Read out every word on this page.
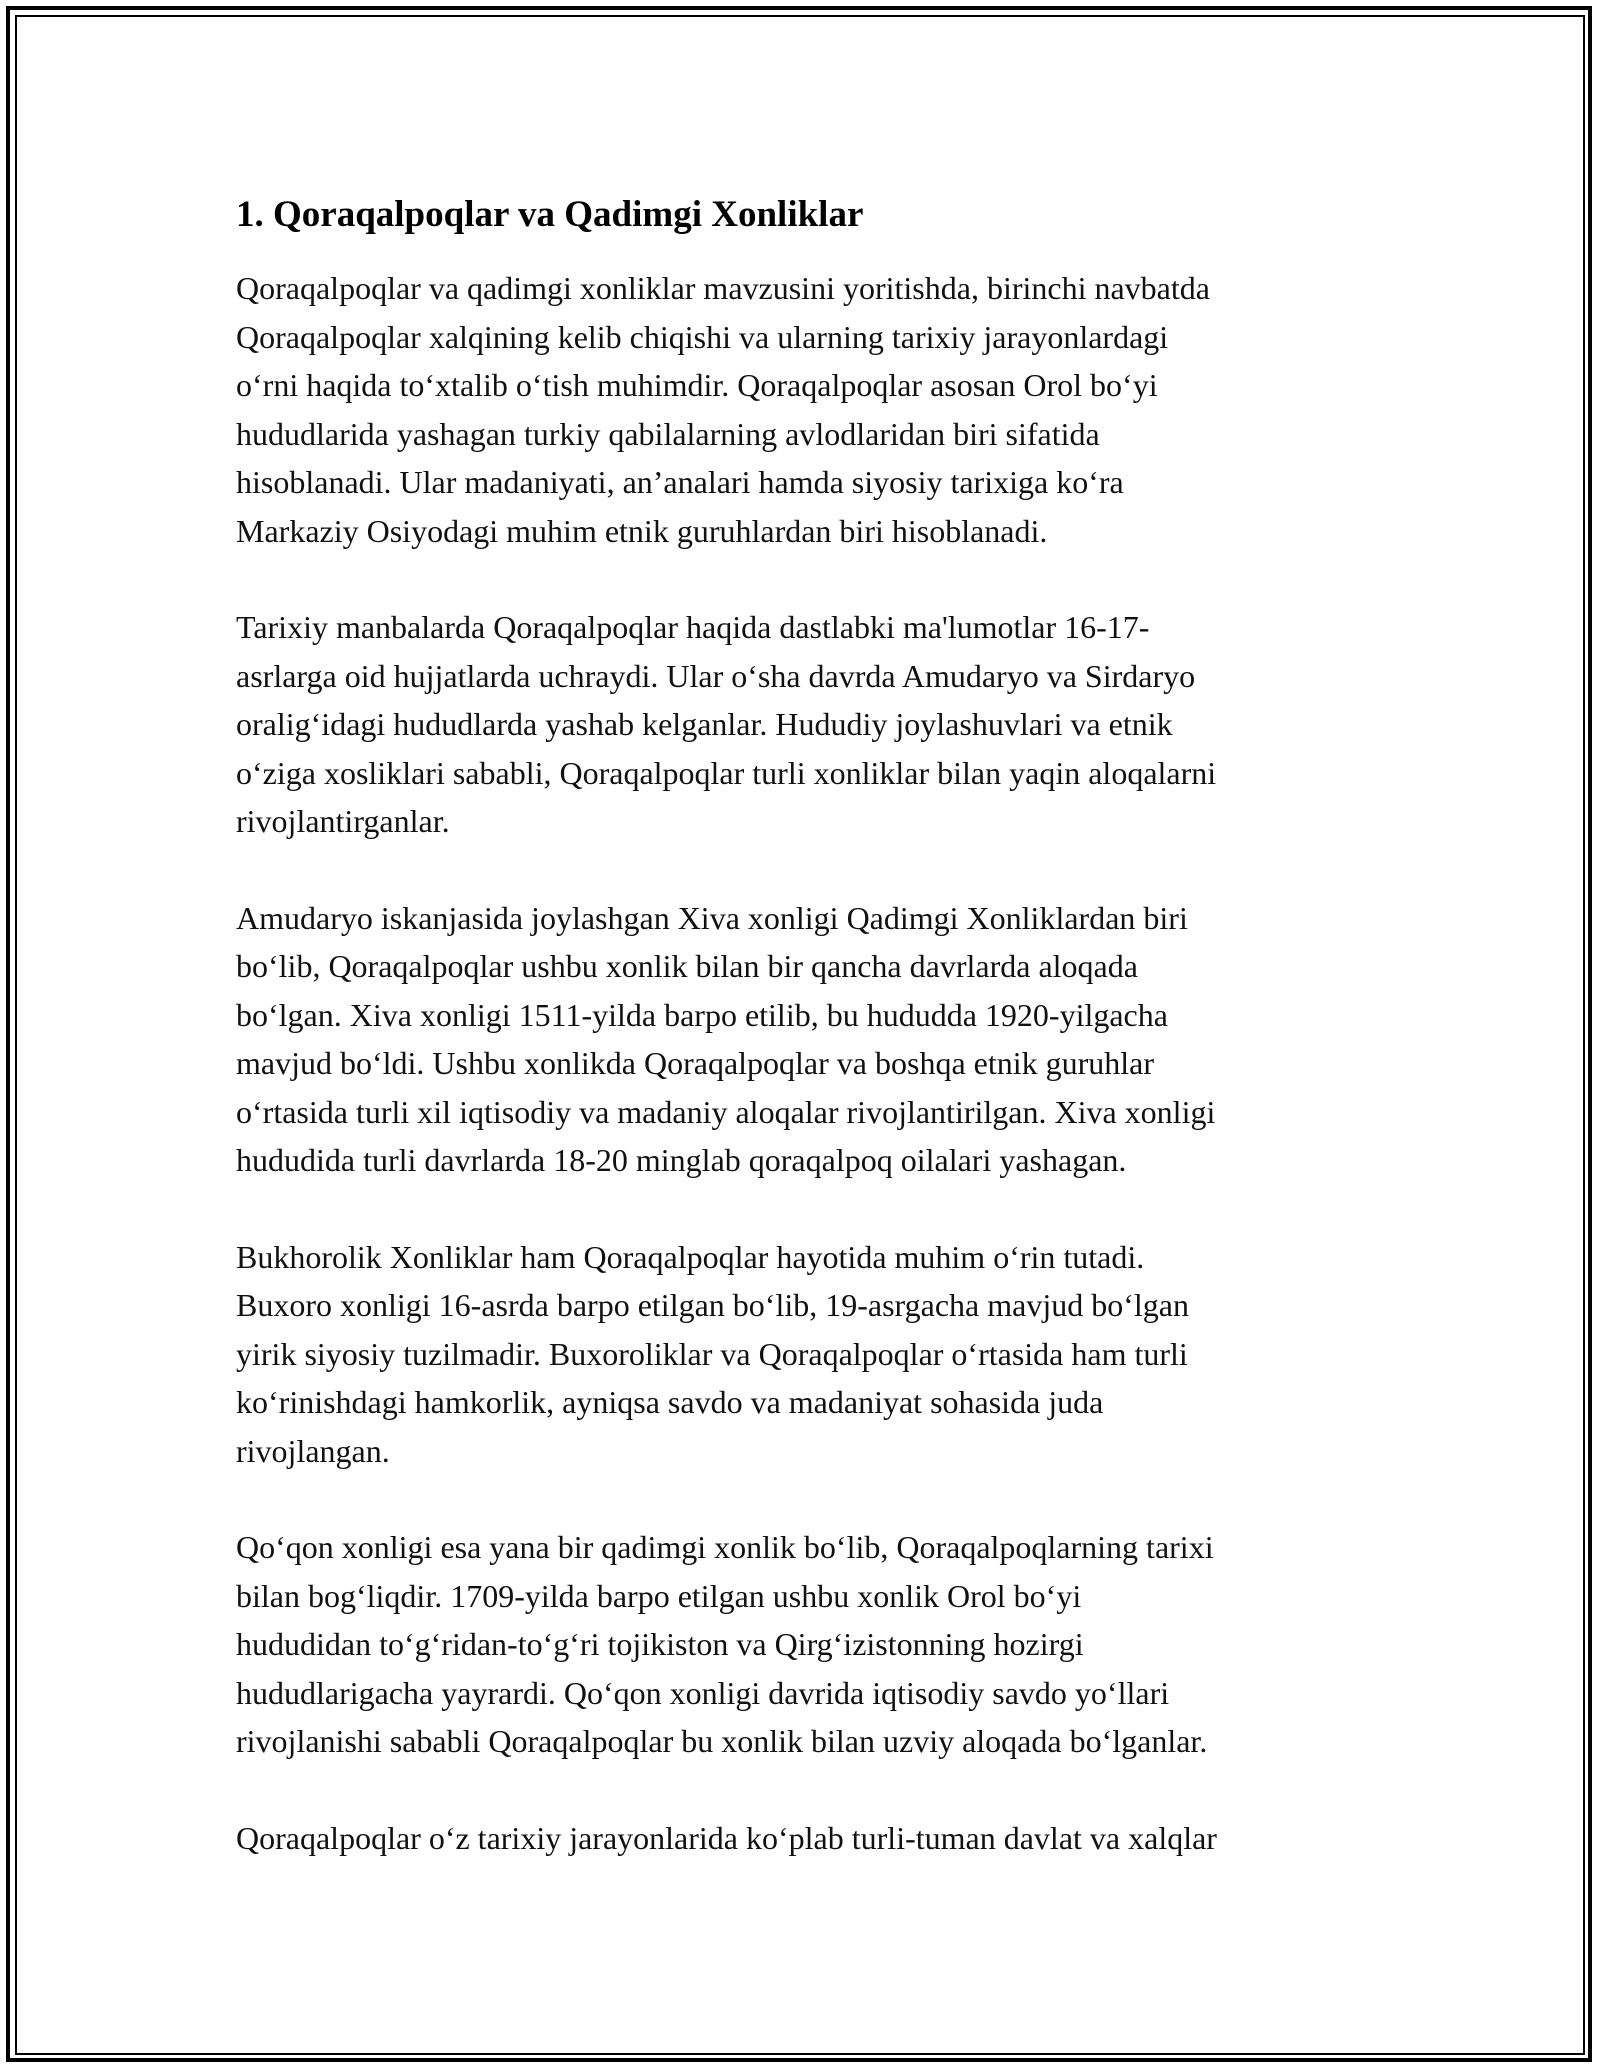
1. Qoraqalpoqlar va Qadimgi Xonliklar

Qoraqalpoqlar va qadimgi xonliklar mavzusini yoritishda, birinchi navbatda
Qoraqalpoqlar xalqining kelib chiqishi va ularning tarixiy jarayonlardagi
o‘rni haqida to‘xtalib o‘tish muhimdir. Qoraqalpoqlar asosan Orol bo‘yi
hududlarida yashagan turkiy qabilalarning avlodlaridan biri sifatida
hisoblanadi. Ular madaniyati, an’analari hamda siyosiy tarixiga ko‘ra
Markaziy Osiyodagi muhim etnik guruhlardan biri hisoblanadi.

Tarixiy manbalarda Qoraqalpoqlar haqida dastlabki ma'lumotlar 16-17-
asrlarga oid hujjatlarda uchraydi. Ular o‘sha davrda Amudaryo va Sirdaryo
oralig‘idagi hududlarda yashab kelganlar. Hududiy joylashuvlari va etnik
o‘ziga xosliklari sababli, Qoraqalpoqlar turli xonliklar bilan yaqin aloqalarni
rivojlantirganlar.

Amudaryo iskanjasida joylashgan Xiva xonligi Qadimgi Xonliklardan biri
bo‘lib, Qoraqalpoqlar ushbu xonlik bilan bir qancha davrlarda aloqada
bo‘lgan. Xiva xonligi 1511-yilda barpo etilib, bu hududda 1920-yilgacha
mavjud bo‘ldi. Ushbu xonlikda Qoraqalpoqlar va boshqa etnik guruhlar
o‘rtasida turli xil iqtisodiy va madaniy aloqalar rivojlantirilgan. Xiva xonligi
hududida turli davrlarda 18-20 minglab qoraqalpoq oilalari yashagan.

Bukhorolik Xonliklar ham Qoraqalpoqlar hayotida muhim o‘rin tutadi.
Buxoro xonligi 16-asrda barpo etilgan bo‘lib, 19-asrgacha mavjud bo‘lgan
yirik siyosiy tuzilmadir. Buxoroliklar va Qoraqalpoqlar o‘rtasida ham turli
ko‘rinishdagi hamkorlik, ayniqsa savdo va madaniyat sohasida juda
rivojlangan.

Qo‘qon xonligi esa yana bir qadimgi xonlik bo‘lib, Qoraqalpoqlarning tarixi
bilan bog‘liqdir. 1709-yilda barpo etilgan ushbu xonlik Orol bo‘yi
hududidan to‘g‘ridan-to‘g‘ri tojikiston va Qirg‘izistonning hozirgi
hududlarigacha yayrardi. Qo‘qon xonligi davrida iqtisodiy savdo yo‘llari
rivojlanishi sababli Qoraqalpoqlar bu xonlik bilan uzviy aloqada bo‘lganlar.

Qoraqalpoqlar o‘z tarixiy jarayonlarida ko‘plab turli-tuman davlat va xalqlar
